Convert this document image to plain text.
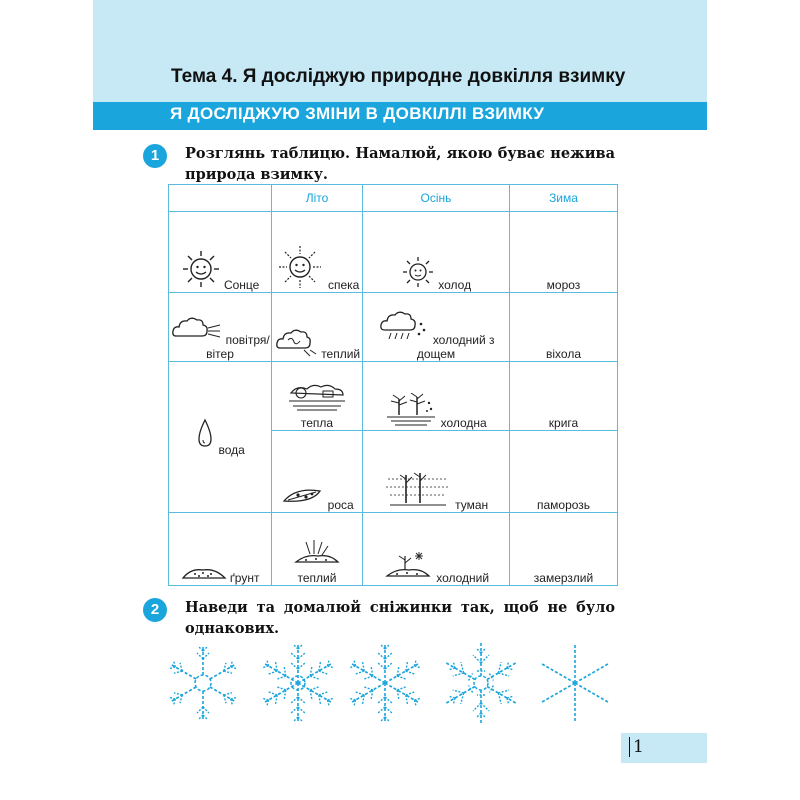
Тема 4. Я досліджую природне довкілля взимку
Я ДОСЛІДЖУЮ ЗМІНИ В ДОВКІЛЛІ ВЗИМКУ
1	Розглянь таблицю. Намалюй, якою буває нежива природа взимку.
	Літо	Осінь	Зима
Сонце	спека	холод	мороз
повітря/вітер	теплий	холодний з дощем	віхола
вода	тепла	холодна	крига
	роса	туман	паморозь
ґрунт	теплий	холодний	замерзлий
2	Наведи та домалюй сніжинки так, щоб не було однакових.
1
